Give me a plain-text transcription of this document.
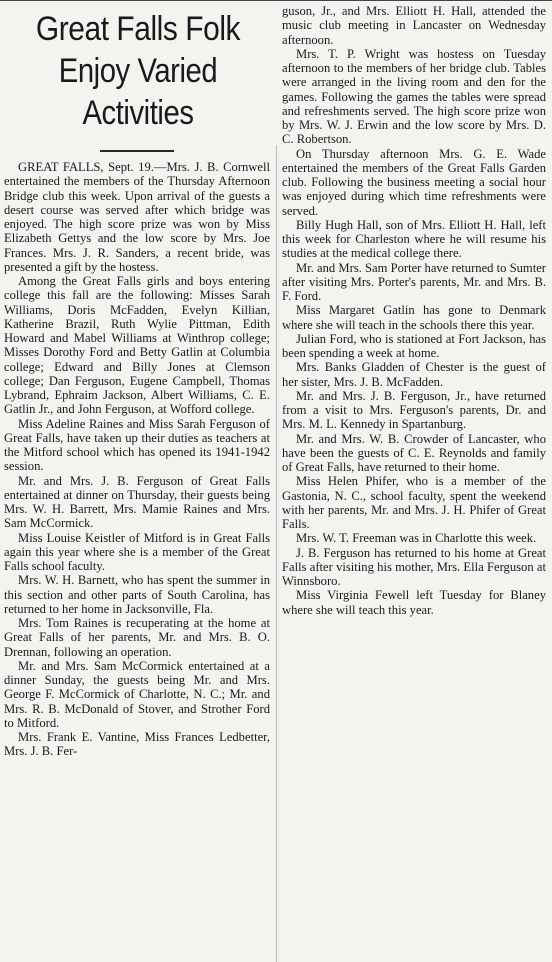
Great Falls Folk
Enjoy Varied
Activities

GREAT FALLS, Sept. 19.—Mrs. J. B. Cornwell entertained the members of the Thursday Afternoon Bridge club this week. Upon arrival of the guests a desert course was served after which bridge was enjoyed. The high score prize was won by Miss Elizabeth Gettys and the low score by Mrs. Joe Frances. Mrs. J. R. Sanders, a recent bride, was presented a gift by the hostess.

Among the Great Falls girls and boys entering college this fall are the following: Misses Sarah Williams, Doris McFadden, Evelyn Killian, Katherine Brazil, Ruth Wylie Pittman, Edith Howard and Mabel Williams at Winthrop college; Misses Dorothy Ford and Betty Gatlin at Columbia college; Edward and Billy Jones at Clemson college; Dan Ferguson, Eugene Campbell, Thomas Lybrand, Ephraim Jackson, Albert Williams, C. E. Gatlin Jr., and John Ferguson, at Wofford college.

Miss Adeline Raines and Miss Sarah Ferguson of Great Falls, have taken up their duties as teachers at the Mitford school which has opened its 1941-1942 session.

Mr. and Mrs. J. B. Ferguson of Great Falls entertained at dinner on Thursday, their guests being Mrs. W. H. Barrett, Mrs. Mamie Raines and Mrs. Sam McCormick.

Miss Louise Keistler of Mitford is in Great Falls again this year where she is a member of the Great Falls school faculty.

Mrs. W. H. Barnett, who has spent the summer in this section and other parts of South Carolina, has returned to her home in Jacksonville, Fla.

Mrs. Tom Raines is recuperating at the home at Great Falls of her parents, Mr. and Mrs. B. O. Drennan, following an operation.

Mr. and Mrs. Sam McCormick entertained at a dinner Sunday, the guests being Mr. and Mrs. George F. McCormick of Charlotte, N. C.; Mr. and Mrs. R. B. McDonald of Stover, and Strother Ford to Mitford.

Mrs. Frank E. Vantine, Miss Frances Ledbetter, Mrs. J. B. Fer-

guson, Jr., and Mrs. Elliott H. Hall, attended the music club meeting in Lancaster on Wednesday afternoon.

Mrs. T. P. Wright was hostess on Tuesday afternoon to the members of her bridge club. Tables were arranged in the living room and den for the games. Following the games the tables were spread and refreshments served. The high score prize won by Mrs. W. J. Erwin and the low score by Mrs. D. C. Robertson.

On Thursday afternoon Mrs. G. E. Wade entertained the members of the Great Falls Garden club. Following the business meeting a social hour was enjoyed during which time refreshments were served.

Billy Hugh Hall, son of Mrs. Elliott H. Hall, left this week for Charleston where he will resume his studies at the medical college there.

Mr. and Mrs. Sam Porter have returned to Sumter after visiting Mrs. Porter's parents, Mr. and Mrs. B. F. Ford.

Miss Margaret Gatlin has gone to Denmark where she will teach in the schools there this year.

Julian Ford, who is stationed at Fort Jackson, has been spending a week at home.

Mrs. Banks Gladden of Chester is the guest of her sister, Mrs. J. B. McFadden.

Mr. and Mrs. J. B. Ferguson, Jr., have returned from a visit to Mrs. Ferguson's parents, Dr. and Mrs. M. L. Kennedy in Spartanburg.

Mr. and Mrs. W. B. Crowder of Lancaster, who have been the guests of C. E. Reynolds and family of Great Falls, have returned to their home.

Miss Helen Phifer, who is a member of the Gastonia, N. C., school faculty, spent the weekend with her parents, Mr. and Mrs. J. H. Phifer of Great Falls.

Mrs. W. T. Freeman was in Charlotte this week.

J. B. Ferguson has returned to his home at Great Falls after visiting his mother, Mrs. Ella Ferguson at Winnsboro.

Miss Virginia Fewell left Tuesday for Blaney where she will teach this year.
